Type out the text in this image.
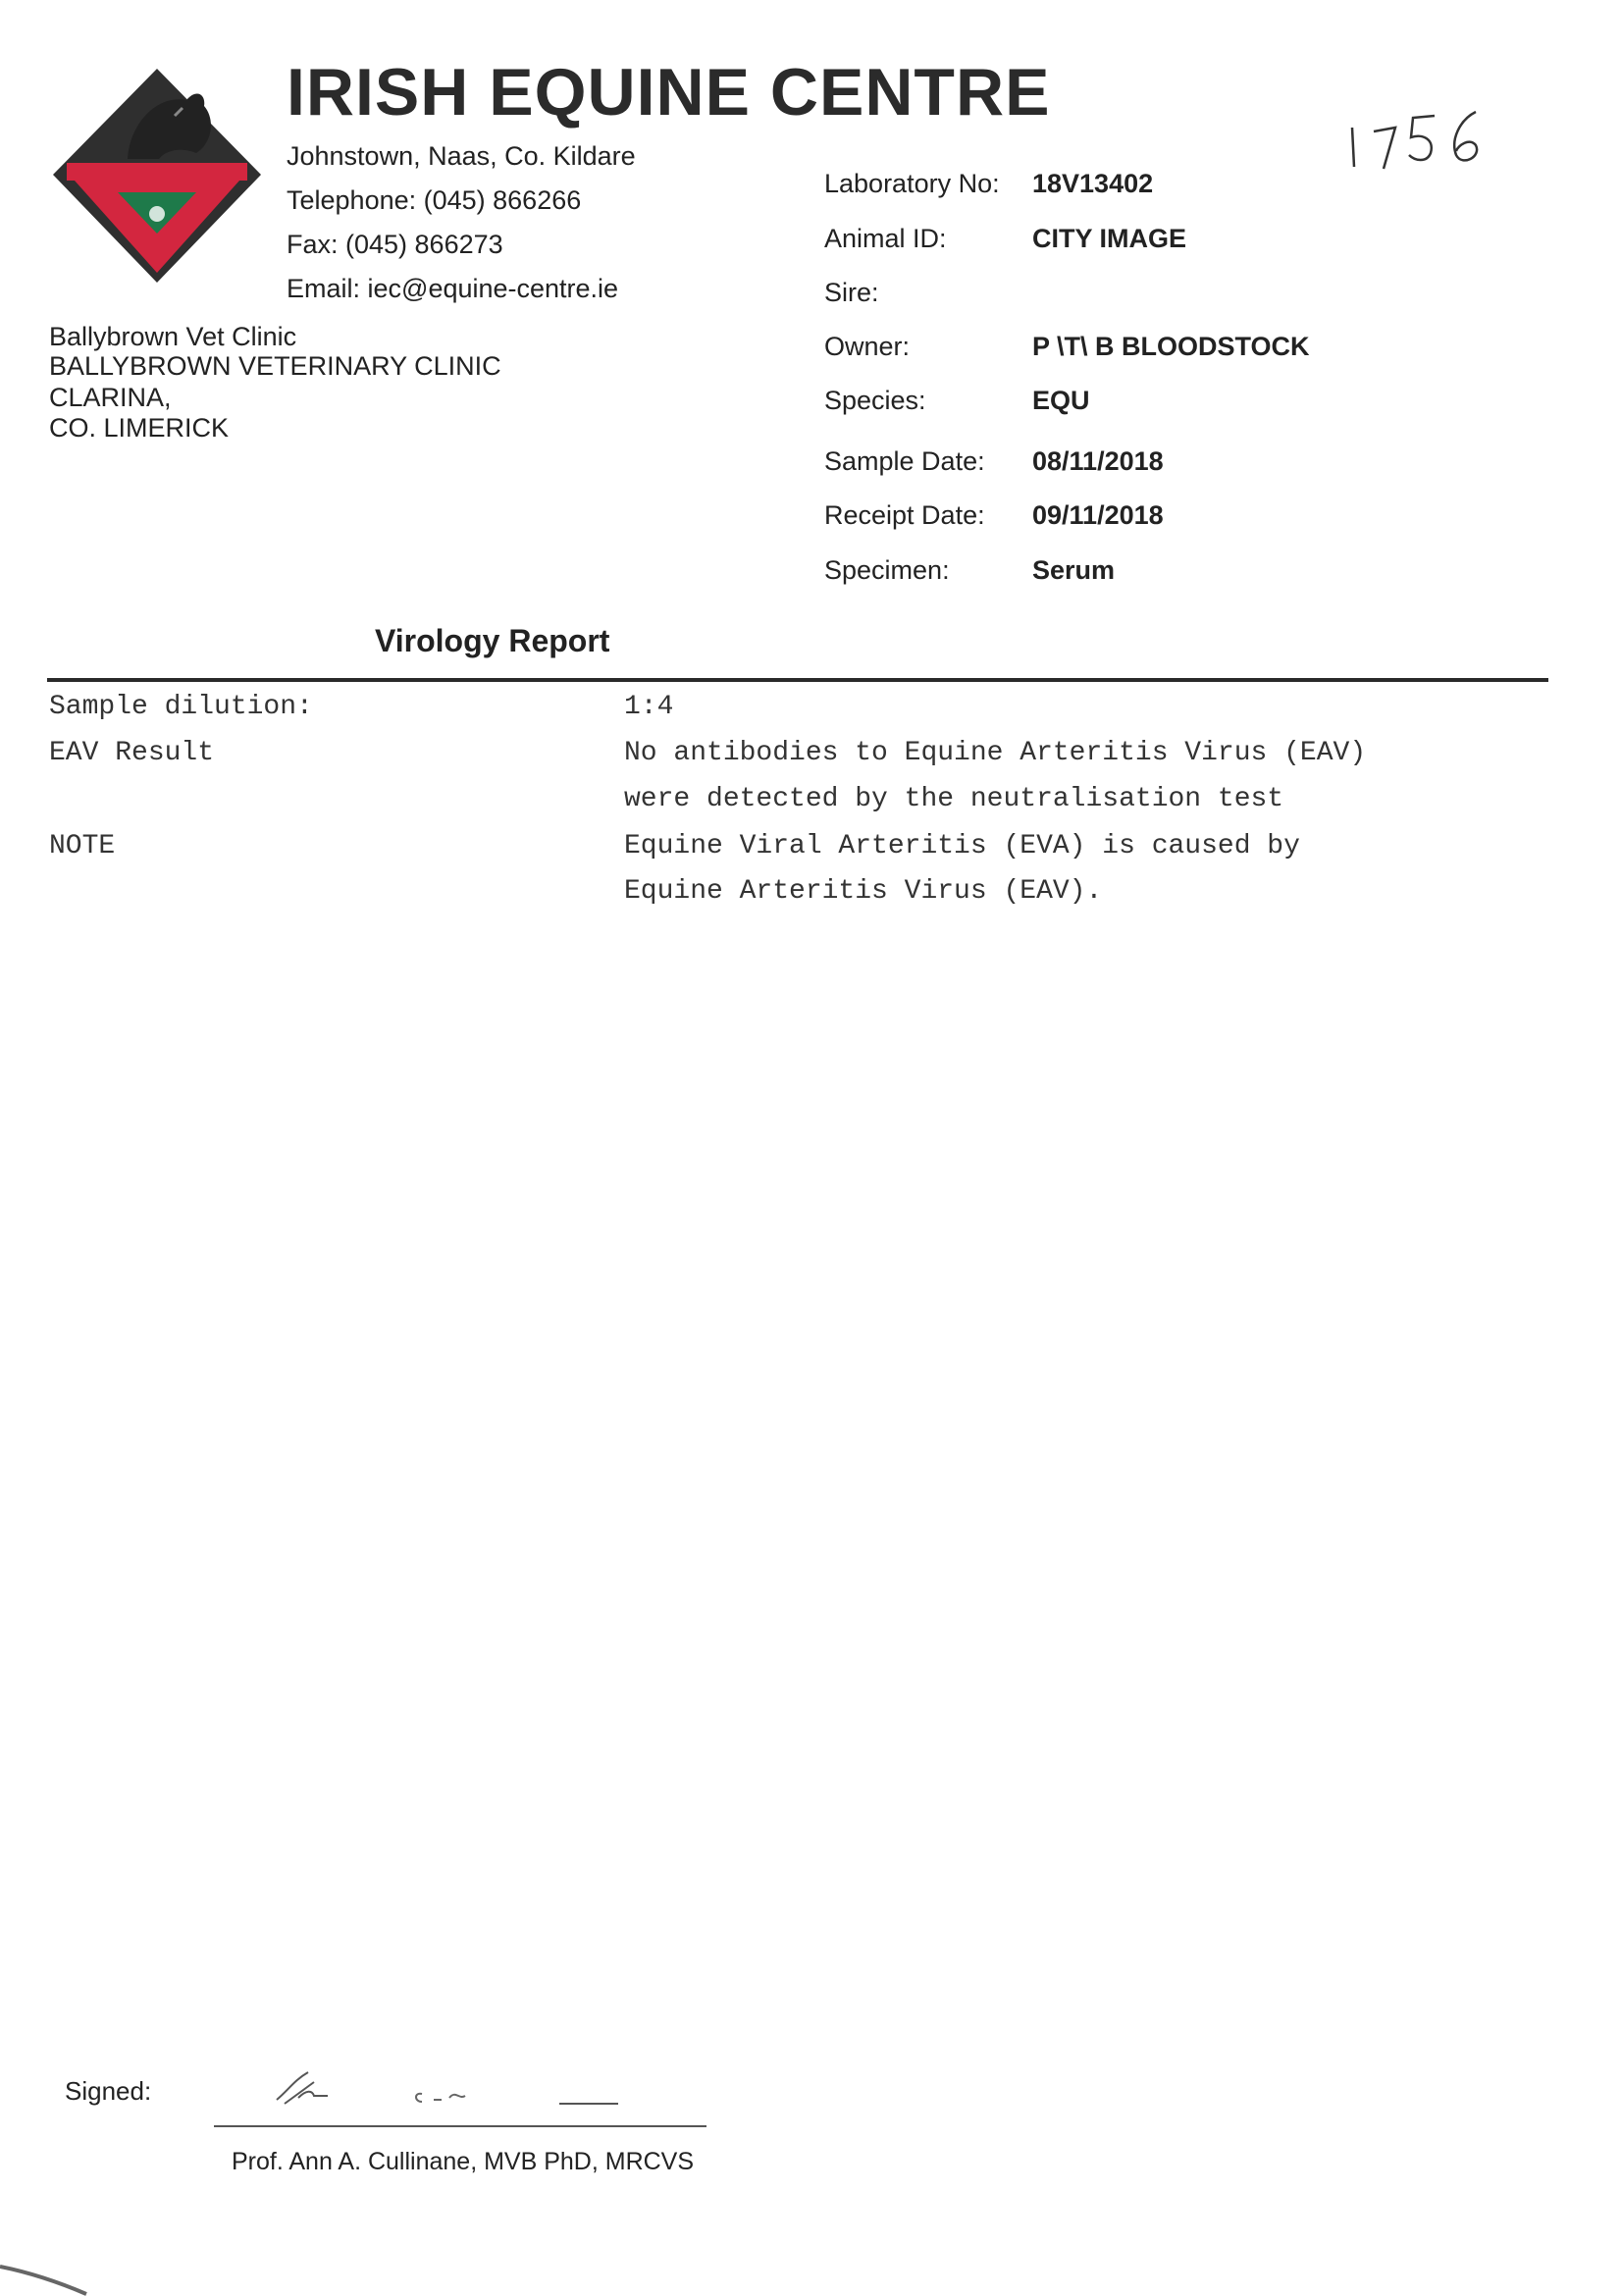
IRISH EQUINE CENTRE
Johnstown, Naas, Co. Kildare
Telephone: (045) 866266
Fax: (045) 866273
Email: iec@equine-centre.ie
Ballybrown Vet Clinic
BALLYBROWN VETERINARY CLINIC
CLARINA,
CO. LIMERICK
Laboratory No: 18V13402
Animal ID:	CITY IMAGE
Sire:
Owner:	P \T\ B BLOODSTOCK
Species:	EQU
Sample Date: 08/11/2018
Receipt Date: 09/11/2018
Specimen:	Serum
Virology Report
Sample dilution:	1:4
EAV Result	No antibodies to Equine Arteritis Virus (EAV)
were detected by the neutralisation test
NOTE	Equine Viral Arteritis (EVA) is caused by
Equine Arteritis Virus (EAV).
Signed:
Prof. Ann A. Cullinane, MVB PhD, MRCVS
